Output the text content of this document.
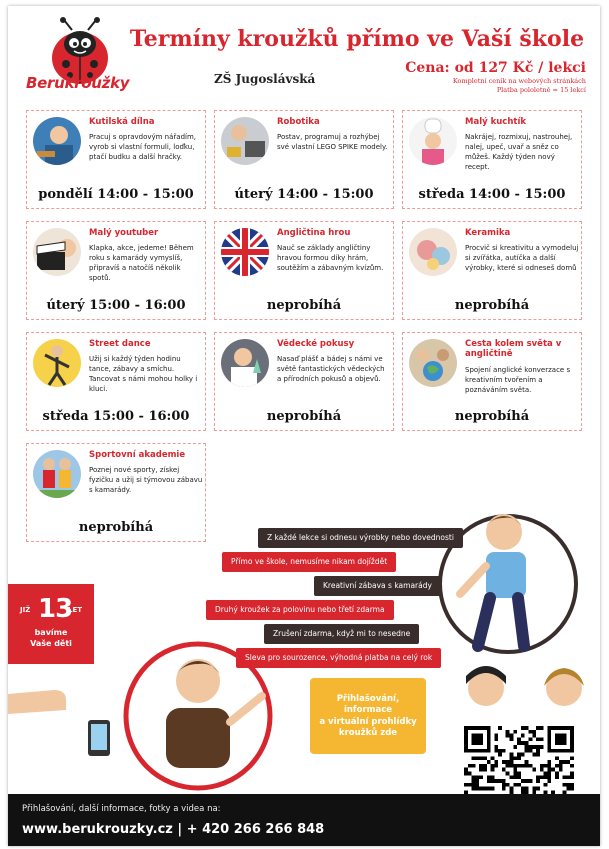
Berukroužky
Termíny kroužků přímo ve Vaší škole
ZŠ Jugoslávská
Cena: od 127 Kč / lekci
Kompletní ceník na webových stránkách
Platba pololetně = 15 lekcí
Kutilská dílna
Pracuj s opravdovým nářadím, vyrob si vlastní formuli, loďku, ptačí budku a další hračky.
pondělí 14:00 - 15:00
Robotika
Postav, programuj a rozhýbej své vlastní LEGO SPIKE modely.
úterý 14:00 - 15:00
Malý kuchtík
Nakrájej, rozmixuj, nastrouhej, nalej, upeč, uvař a sněz co můžeš. Každý týden nový recept.
středa 14:00 - 15:00
Malý youtuber
Klapka, akce, jedeme! Během roku s kamarády vymyslíš, připravíš a natočíš několik spotů.
úterý 15:00 - 16:00
Angličtina hrou
Nauč se základy angličtiny hravou formou díky hrám, soutěžím a zábavným kvízům.
neprobíhá
Keramika
Procvič si kreativitu a vymodeluj si zvířátka, autíčka a další výrobky, které si odneseš domů
neprobíhá
Street dance
Užij si každý týden hodinu tance, zábavy a smíchu. Tancovat s námi mohou holky i kluci.
středa 15:00 - 16:00
Vědecké pokusy
Nasaď plášť a bádej s námi ve světě fantastických vědeckých a přírodních pokusů a objevů.
neprobíhá
Cesta kolem světa v angličtině
Spojení anglické konverzace s kreativním tvořením a poznáváním světa.
neprobíhá
Sportovní akademie
Poznej nové sporty, získej fyzičku a užij si týmovou zábavu s kamarády.
neprobíhá
JIŽ 13
LET
bavíme
Vaše děti
Z každé lekce si odnesu výrobky nebo dovednosti
Přímo ve škole, nemusíme nikam dojíždět
Kreativní zábava s kamarády
Druhý kroužek za polovinu nebo třetí zdarma
Zrušení zdarma, když mi to nesedne
Sleva pro sourozence, výhodná platba na celý rok
Přihlašování,
informace
a virtuální prohlídky
kroužků zde
Přihlašování, další informace, fotky a videa na:
www.berukrouzky.cz | + 420 266 266 848
